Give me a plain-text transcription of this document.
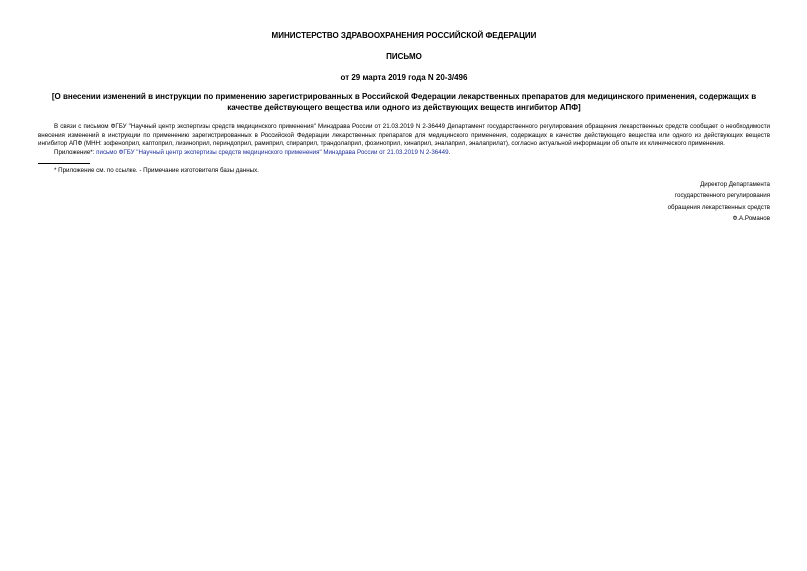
МИНИСТЕРСТВО ЗДРАВООХРАНЕНИЯ РОССИЙСКОЙ ФЕДЕРАЦИИ
ПИСЬМО
от 29 марта 2019 года N 20-3/496
[О внесении изменений в инструкции по применению зарегистрированных в Российской Федерации лекарственных препаратов для медицинского применения, содержащих в качестве действующего вещества или одного из действующих веществ ингибитор АПФ]
В связи с письмом ФГБУ "Научный центр экспертизы средств медицинского применения" Минздрава России от 21.03.2019 N 2-36449 Департамент государственного регулирования обращения лекарственных средств сообщает о необходимости внесения изменений в инструкции по применению зарегистрированных в Российской Федерации лекарственных препаратов для медицинского применения, содержащих в качестве действующего вещества или одного из действующих веществ ингибитор АПФ (МНН: зофеноприл, каптоприл, лизиноприл, периндоприл, рамиприл, спираприл, трандолаприл, фозиноприл, хинаприл, эналаприл, эналаприлат), согласно актуальной информации об опыте их клинического применения.
Приложение*: письмо ФГБУ "Научный центр экспертизы средств медицинского применения" Минздрава России от 21.03.2019 N 2-36449.
* Приложение см. по ссылке. - Примечание изготовителя базы данных.
Директор Департамента
государственного регулирования
обращения лекарственных средств
Ф.А.Романов
